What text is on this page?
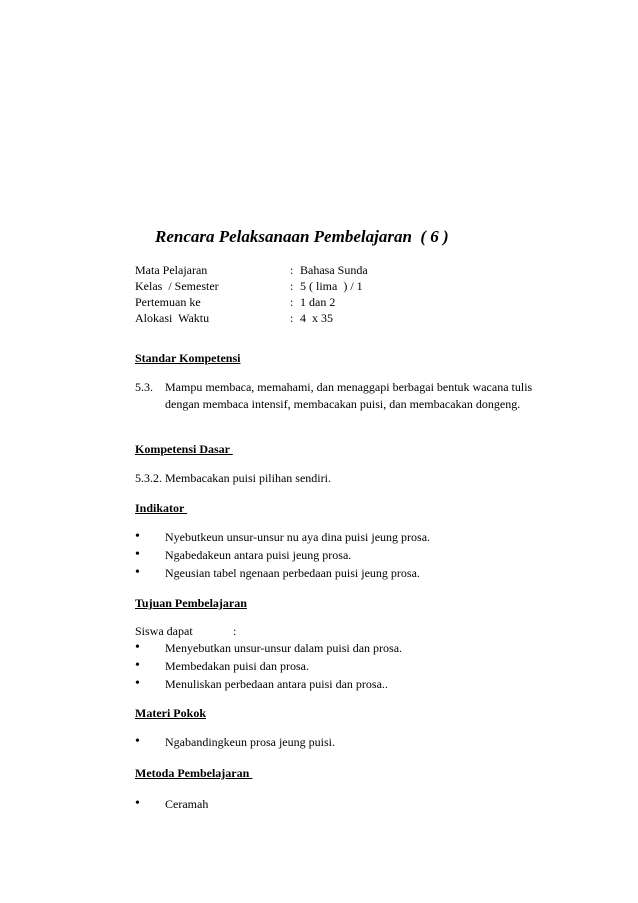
Rencara Pelaksanaan Pembelajaran  ( 6 )
Mata Pelajaran	: Bahasa Sunda
Kelas  / Semester	: 5 ( lima  ) / 1
Pertemuan ke	: 1 dan 2
Alokasi  Waktu	: 4  x 35
Standar Kompetensi
5.3. Mampu membaca, memahami, dan menaggapi berbagai bentuk wacana tulis dengan membaca intensif, membacakan puisi, dan membacakan dongeng.
Kompetensi Dasar
5.3.2. Membacakan puisi pilihan sendiri.
Indikator
• Nyebutkeun unsur-unsur nu aya dina puisi jeung prosa.
• Ngabedakeun antara puisi jeung prosa.
• Ngeusian tabel ngenaan perbedaan puisi jeung prosa.
Tujuan Pembelajaran
Siswa dapat	:
• Menyebutkan unsur-unsur dalam puisi dan prosa.
• Membedakan puisi dan prosa.
• Menuliskan perbedaan antara puisi dan prosa..
Materi Pokok
• Ngabandingkeun prosa jeung puisi.
Metoda Pembelajaran
• Ceramah
